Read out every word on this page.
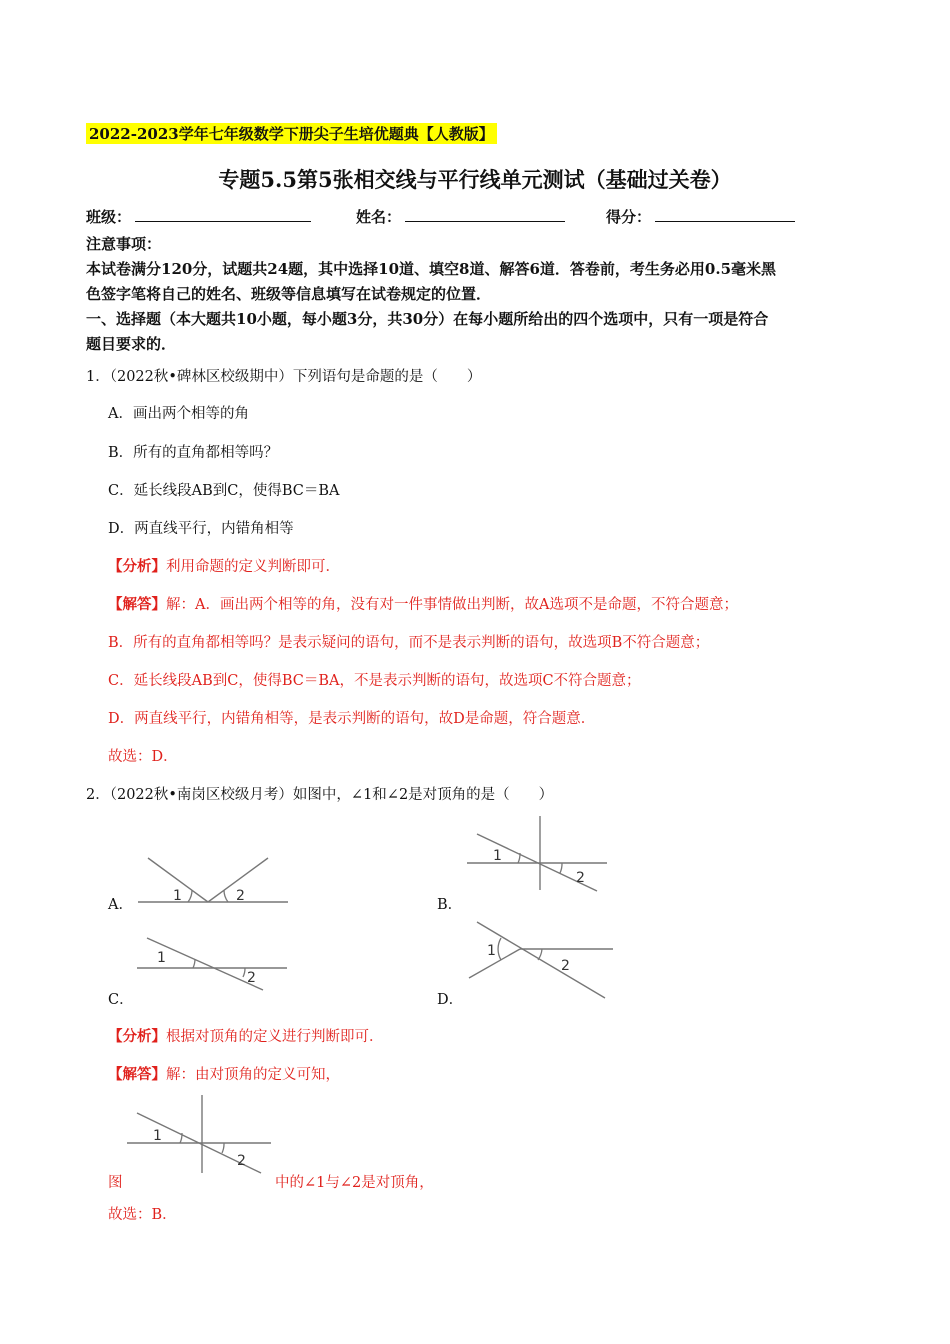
2022-2023学年七年级数学下册尖子生培优题典【人教版】
专题5.5第5张相交线与平行线单元测试（基础过关卷）
班级：	姓名：	得分：
注意事项：
本试卷满分120分，试题共24题，其中选择10道、填空8道、解答6道．答卷前，考生务必用0.5毫米黑
色签字笔将自己的姓名、班级等信息填写在试卷规定的位置．
一、选择题（本大题共10小题，每小题3分，共30分）在每小题所给出的四个选项中，只有一项是符合
题目要求的．
1．（2022秋•碑林区校级期中）下列语句是命题的是（　　）
A．画出两个相等的角
B．所有的直角都相等吗？
C．延长线段AB到C，使得BC＝BA
D．两直线平行，内错角相等
【分析】利用命题的定义判断即可．
【解答】解：A．画出两个相等的角，没有对一件事情做出判断，故A选项不是命题，不符合题意；
B．所有的直角都相等吗？是表示疑问的语句，而不是表示判断的语句，故选项B不符合题意；
C．延长线段AB到C，使得BC＝BA，不是表示判断的语句，故选项C不符合题意；
D．两直线平行，内错角相等，是表示判断的语句，故D是命题，符合题意．
故选：D．
2．（2022秋•南岗区校级月考）如图中，∠1和∠2是对顶角的是（　　）
1	2
A．
1
2
B．
1
2
C．
1
2
D．
【分析】根据对顶角的定义进行判断即可．
【解答】解：由对顶角的定义可知，
1
2
图	中的∠1与∠2是对顶角，
故选：B．
